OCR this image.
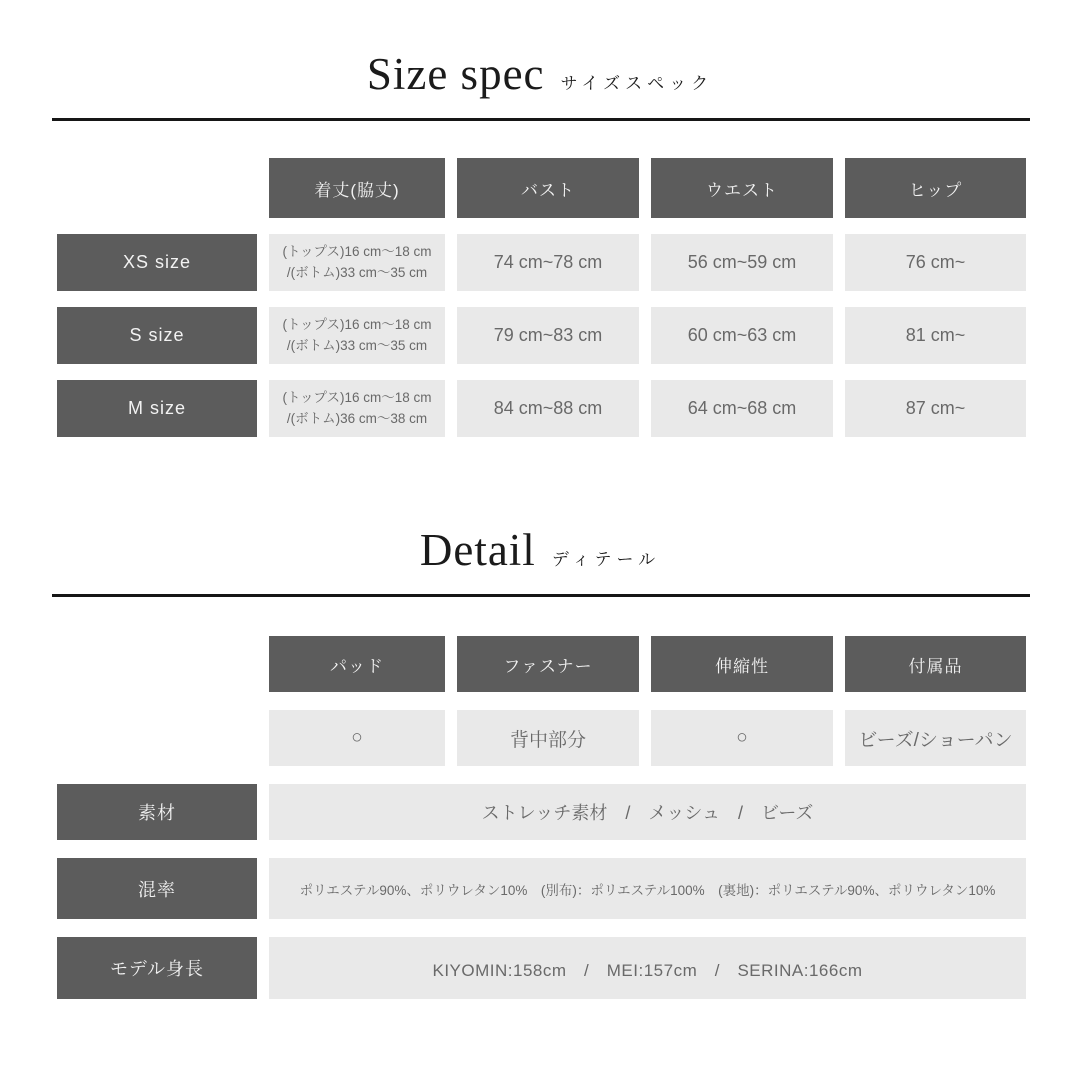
Size spec サイズスペック
着丈(脇丈)	バスト	ウエスト	ヒップ
XS size
(トップス)16 cm〜18 cm
/(ボトム)33 cm〜35 cm	74 cm~78 cm	56 cm~59 cm	76 cm~
S size
(トップス)16 cm〜18 cm
/(ボトム)33 cm〜35 cm	79 cm~83 cm	60 cm~63 cm	81 cm~
M size
(トップス)16 cm〜18 cm
/(ボトム)36 cm〜38 cm	84 cm~88 cm	64 cm~68 cm	87 cm~
Detail ディテール
パッド	ファスナー	伸縮性	付属品
○	背中部分	○	ビーズ/ショーパン
素材	ストレッチ素材　/　メッシュ　/　ビーズ
混率	ポリエステル90%、ポリウレタン10%　(別布)：ポリエステル100%　(裏地)：ポリエステル90%、ポリウレタン10%
モデル身長	KIYOMIN:158cm　/　MEI:157cm　/　SERINA:166cm
